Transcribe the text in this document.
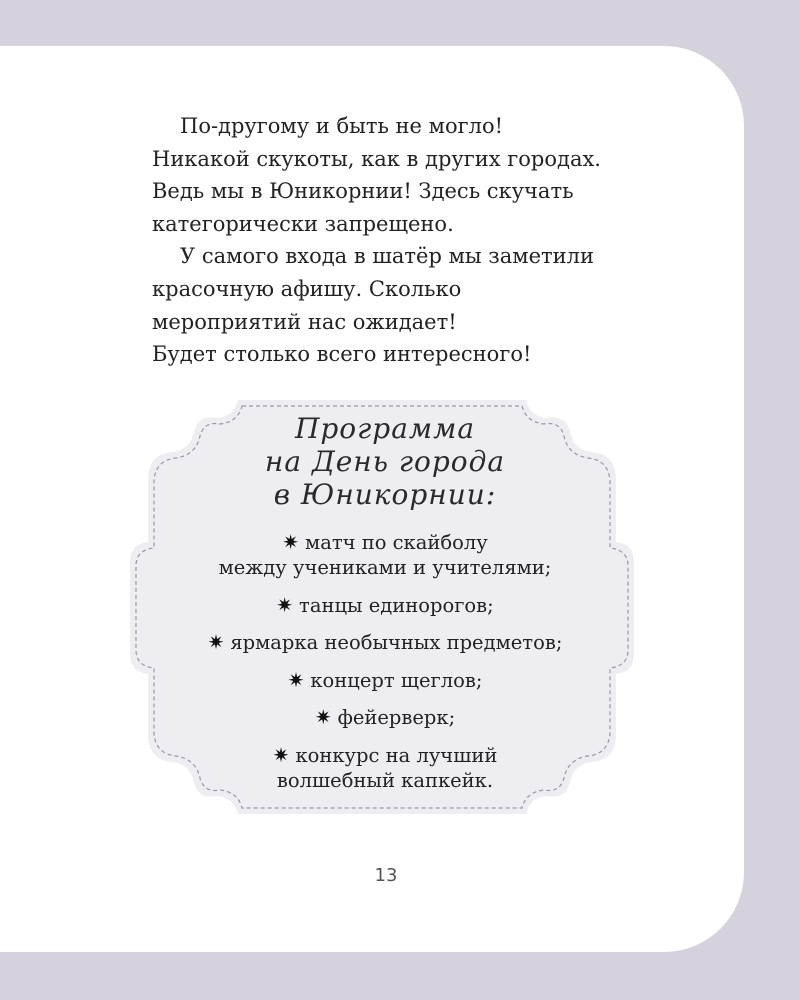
По-другому и быть не могло!
Никакой скукоты, как в других городах.
Ведь мы в Юникорнии! Здесь скучать
категорически запрещено.

У самого входа в шатёр мы заметили
красочную афишу. Сколько
мероприятий нас ожидает!
Будет столько всего интересного!

Программа
на День города
в Юникорнии:
✷ матч по скайболу
между учениками и учителями;
✷ танцы единорогов;
✷ ярмарка необычных предметов;
✷ концерт щеглов;
✷ фейерверк;
✷ конкурс на лучший
волшебный капкейк.
13
